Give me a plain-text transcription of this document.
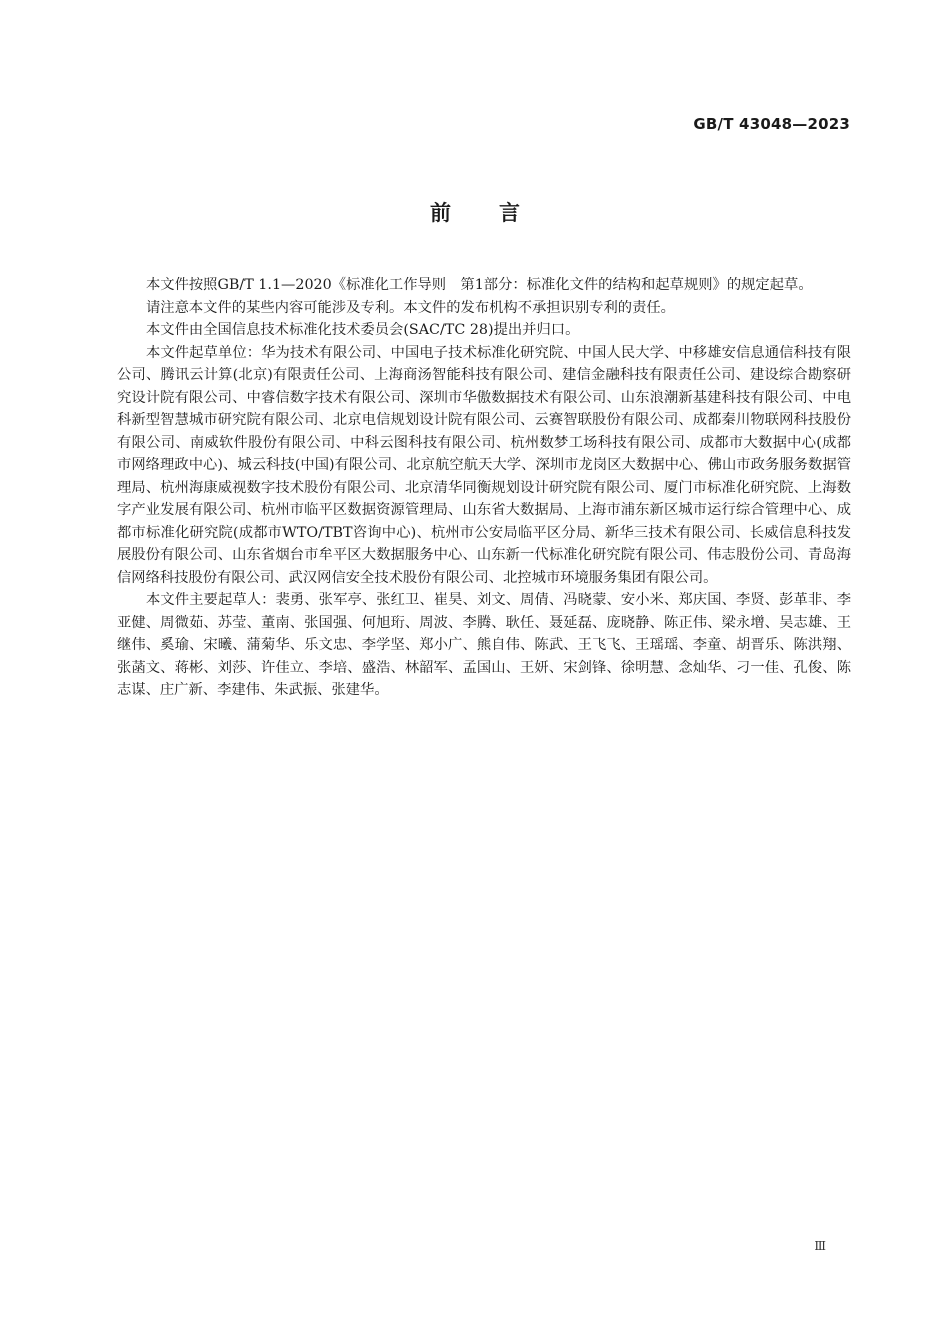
GB/T 43048—2023
前言

本文件按照GB/T 1.1—2020《标准化工作导则　第1部分：标准化文件的结构和起草规则》的规定起草。

请注意本文件的某些内容可能涉及专利。本文件的发布机构不承担识别专利的责任。

本文件由全国信息技术标准化技术委员会(SAC/TC 28)提出并归口。

本文件起草单位：华为技术有限公司、中国电子技术标准化研究院、中国人民大学、中移雄安信息通信科技有限公司、腾讯云计算(北京)有限责任公司、上海商汤智能科技有限公司、建信金融科技有限责任公司、建设综合勘察研究设计院有限公司、中睿信数字技术有限公司、深圳市华傲数据技术有限公司、山东浪潮新基建科技有限公司、中电科新型智慧城市研究院有限公司、北京电信规划设计院有限公司、云赛智联股份有限公司、成都秦川物联网科技股份有限公司、南威软件股份有限公司、中科云图科技有限公司、杭州数梦工场科技有限公司、成都市大数据中心(成都市网络理政中心)、城云科技(中国)有限公司、北京航空航天大学、深圳市龙岗区大数据中心、佛山市政务服务数据管理局、杭州海康威视数字技术股份有限公司、北京清华同衡规划设计研究院有限公司、厦门市标准化研究院、上海数字产业发展有限公司、杭州市临平区数据资源管理局、山东省大数据局、上海市浦东新区城市运行综合管理中心、成都市标准化研究院(成都市WTO/TBT咨询中心)、杭州市公安局临平区分局、新华三技术有限公司、长威信息科技发展股份有限公司、山东省烟台市牟平区大数据服务中心、山东新一代标准化研究院有限公司、伟志股份公司、青岛海信网络科技股份有限公司、武汉网信安全技术股份有限公司、北控城市环境服务集团有限公司。

本文件主要起草人：裴勇、张军亭、张红卫、崔昊、刘文、周倩、冯晓蒙、安小米、郑庆国、李贤、彭革非、李亚健、周微茹、苏莹、董南、张国强、何旭珩、周波、李腾、耿任、聂延磊、庞晓静、陈正伟、梁永增、吴志雄、王继伟、奚瑜、宋曦、蒲菊华、乐文忠、李学坚、郑小广、熊自伟、陈武、王飞飞、王瑶瑶、李童、胡晋乐、陈洪翔、张菡文、蒋彬、刘莎、许佳立、李培、盛浩、林韶军、孟国山、王妍、宋剑锋、徐明慧、念灿华、刁一佳、孔俊、陈志谋、庄广新、李建伟、朱武振、张建华。

Ⅲ
